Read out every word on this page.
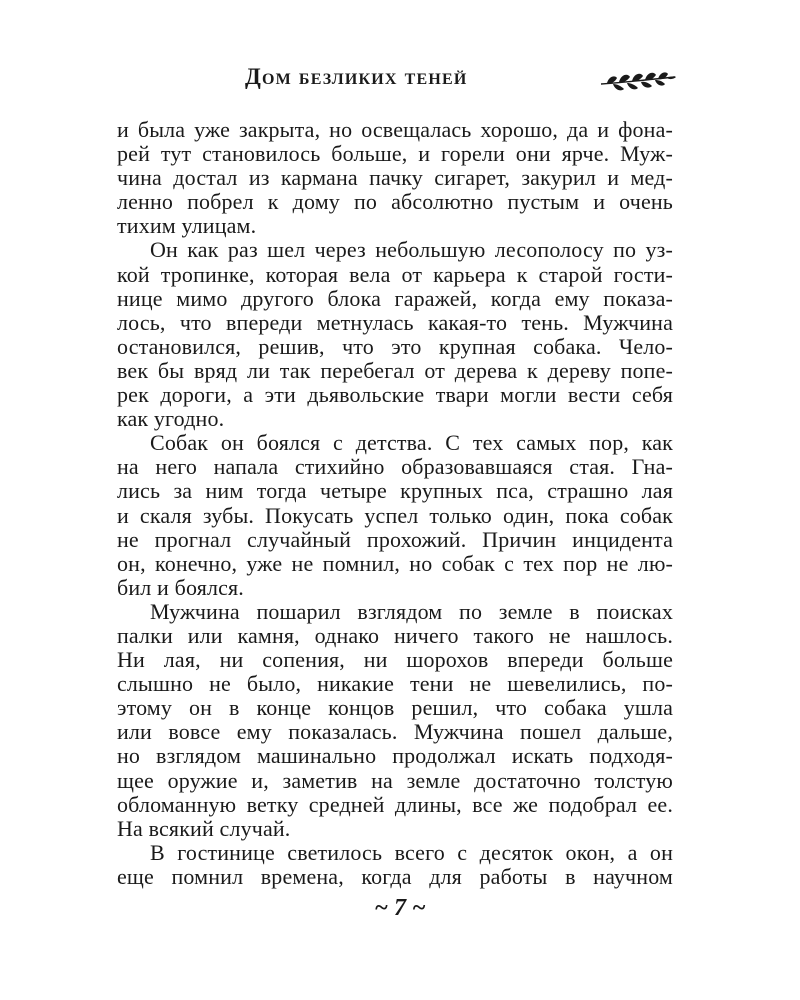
Дом безликих теней
и была уже закрыта, но освещалась хорошо, да и фона-
рей тут становилось больше, и горели они ярче. Муж-
чина достал из кармана пачку сигарет, закурил и мед-
ленно побрел к дому по абсолютно пустым и очень
тихим улицам.
Он как раз шел через небольшую лесополосу по уз-
кой тропинке, которая вела от карьера к старой гости-
нице мимо другого блока гаражей, когда ему показа-
лось, что впереди метнулась какая-то тень. Мужчина
остановился, решив, что это крупная собака. Чело-
век бы вряд ли так перебегал от дерева к дереву попе-
рек дороги, а эти дьявольские твари могли вести себя
как угодно.
Собак он боялся с детства. С тех самых пор, как
на него напала стихийно образовавшаяся стая. Гна-
лись за ним тогда четыре крупных пса, страшно лая
и скаля зубы. Покусать успел только один, пока собак
не прогнал случайный прохожий. Причин инцидента
он, конечно, уже не помнил, но собак с тех пор не лю-
бил и боялся.
Мужчина пошарил взглядом по земле в поисках
палки или камня, однако ничего такого не нашлось.
Ни лая, ни сопения, ни шорохов впереди больше
слышно не было, никакие тени не шевелились, по-
этому он в конце концов решил, что собака ушла
или вовсе ему показалась. Мужчина пошел дальше,
но взглядом машинально продолжал искать подходя-
щее оружие и, заметив на земле достаточно толстую
обломанную ветку средней длины, все же подобрал ее.
На всякий случай.
В гостинице светилось всего с десяток окон, а он
еще помнил времена, когда для работы в научном
~ 7 ~
